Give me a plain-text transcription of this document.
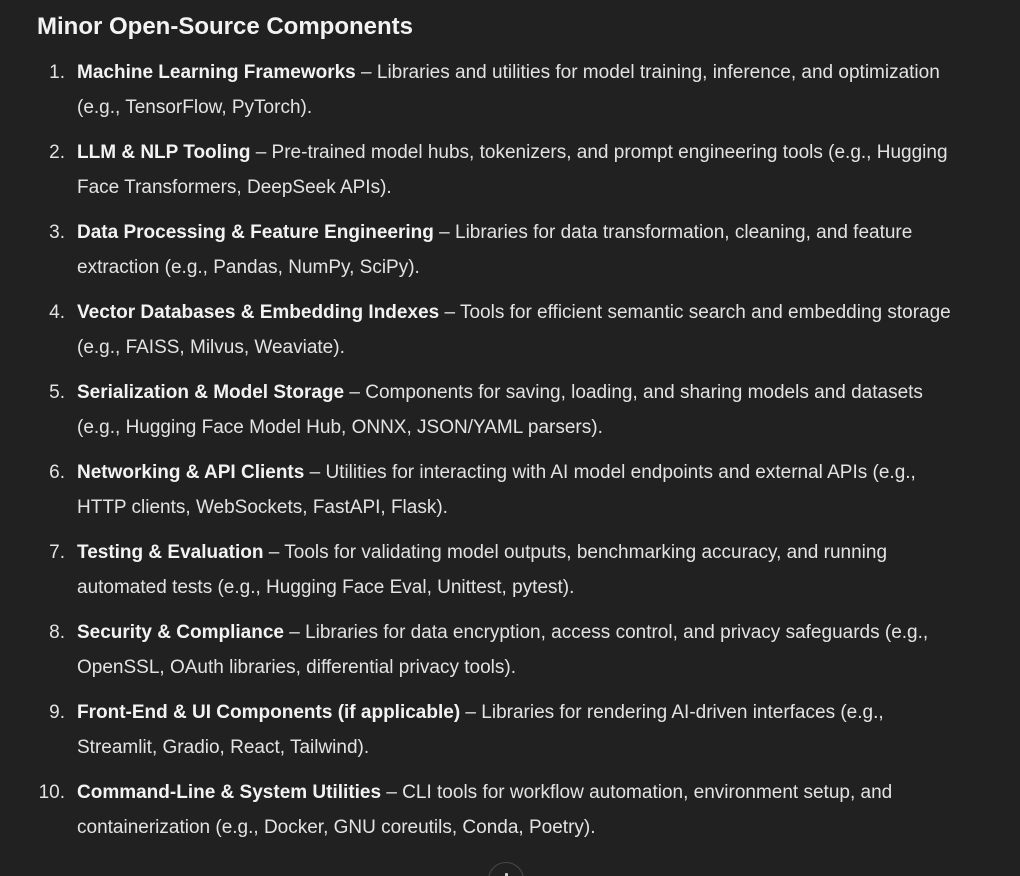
Minor Open-Source Components
1. Machine Learning Frameworks – Libraries and utilities for model training, inference, and optimization (e.g., TensorFlow, PyTorch).
2. LLM & NLP Tooling – Pre-trained model hubs, tokenizers, and prompt engineering tools (e.g., Hugging Face Transformers, DeepSeek APIs).
3. Data Processing & Feature Engineering – Libraries for data transformation, cleaning, and feature extraction (e.g., Pandas, NumPy, SciPy).
4. Vector Databases & Embedding Indexes – Tools for efficient semantic search and embedding storage (e.g., FAISS, Milvus, Weaviate).
5. Serialization & Model Storage – Components for saving, loading, and sharing models and datasets (e.g., Hugging Face Model Hub, ONNX, JSON/YAML parsers).
6. Networking & API Clients – Utilities for interacting with AI model endpoints and external APIs (e.g., HTTP clients, WebSockets, FastAPI, Flask).
7. Testing & Evaluation – Tools for validating model outputs, benchmarking accuracy, and running automated tests (e.g., Hugging Face Eval, Unittest, pytest).
8. Security & Compliance – Libraries for data encryption, access control, and privacy safeguards (e.g., OpenSSL, OAuth libraries, differential privacy tools).
9. Front-End & UI Components (if applicable) – Libraries for rendering AI-driven interfaces (e.g., Streamlit, Gradio, React, Tailwind).
10. Command-Line & System Utilities – CLI tools for workflow automation, environment setup, and containerization (e.g., Docker, GNU coreutils, Conda, Poetry).
